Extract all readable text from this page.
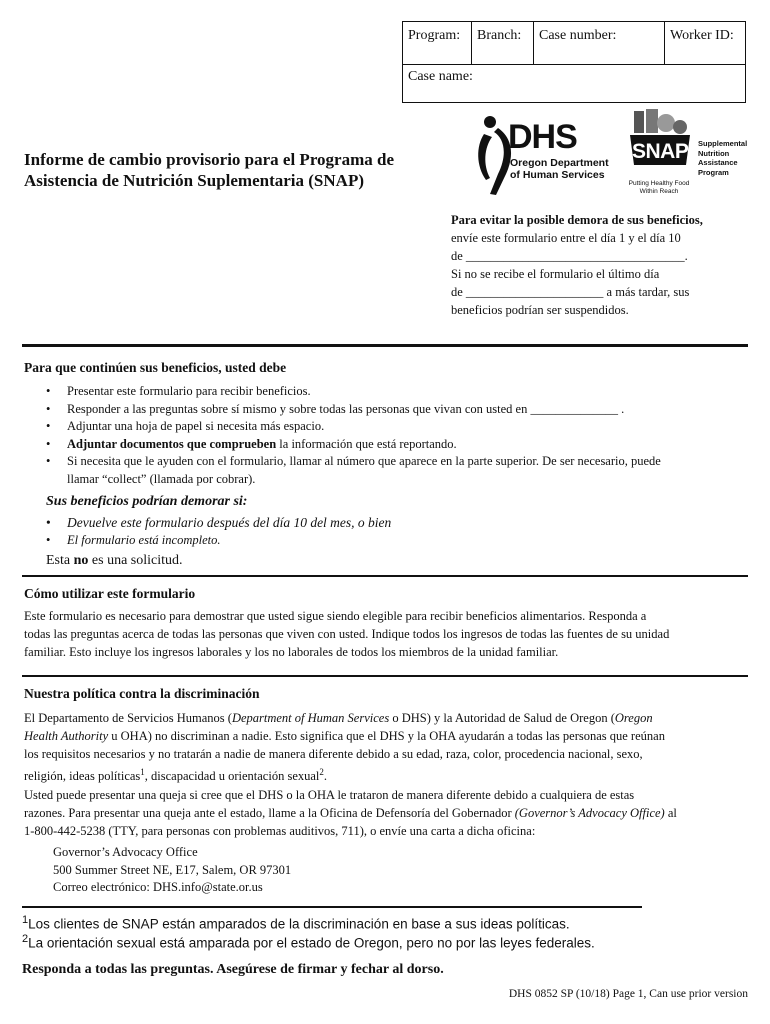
Program:	Branch:	Case number:	Worker ID:
Case name:
DHS
Oregon Department
of Human Services
SNAP Supplemental
Nutrition
Assistance
Program
Putting Healthy Food
Within Reach
Informe de cambio provisorio para el Programa de
Asistencia de Nutrición Suplementaria (SNAP)
Para evitar la posible demora de sus beneficios,
envíe este formulario entre el día 1 y el día 10
de ___________________________________.
Si no se recibe el formulario el último día
de ______________________ a más tardar, sus
beneficios podrían ser suspendidos.
Para que continúen sus beneficios, usted debe
• Presentar este formulario para recibir beneficios.
• Responder a las preguntas sobre sí mismo y sobre todas las personas que vivan con usted en ______________ .
• Adjuntar una hoja de papel si necesita más espacio.
• Adjuntar documentos que comprueben la información que está reportando.
• Si necesita que le ayuden con el formulario, llamar al número que aparece en la parte superior. De ser necesario, puede
llamar “collect” (llamada por cobrar).
Sus beneficios podrían demorar si:
• Devuelve este formulario después del día 10 del mes, o bien
• El formulario está incompleto.
Esta no es una solicitud.
Cómo utilizar este formulario
Este formulario es necesario para demostrar que usted sigue siendo elegible para recibir beneficios alimentarios. Responda a
todas las preguntas acerca de todas las personas que viven con usted. Indique todos los ingresos de todas las fuentes de su unidad
familiar. Esto incluye los ingresos laborales y los no laborales de todos los miembros de la unidad familiar.
Nuestra política contra la discriminación
El Departamento de Servicios Humanos (Department of Human Services o DHS) y la Autoridad de Salud de Oregon (Oregon
Health Authority u OHA) no discriminan a nadie. Esto significa que el DHS y la OHA ayudarán a todas las personas que reúnan
los requisitos necesarios y no tratarán a nadie de manera diferente debido a su edad, raza, color, procedencia nacional, sexo,
religión, ideas políticas$^1$, discapacidad u orientación sexual$^2$.
Usted puede presentar una queja si cree que el DHS o la OHA le trataron de manera diferente debido a cualquiera de estas
razones. Para presentar una queja ante el estado, llame a la Oficina de Defensoría del Gobernador (Governor’s Advocacy Office) al
1-800-442-5238 (TTY, para personas con problemas auditivos, 711), o envíe una carta a dicha oficina:
Governor’s Advocacy Office
500 Summer Street NE, E17, Salem, OR 97301
Correo electrónico: DHS.info@state.or.us
$^1$Los clientes de SNAP están amparados de la discriminación en base a sus ideas políticas.
$^2$La orientación sexual está amparada por el estado de Oregon, pero no por las leyes federales.
Responda a todas las preguntas. Asegúrese de firmar y fechar al dorso.
DHS 0852 SP (10/18) Page 1, Can use prior version
